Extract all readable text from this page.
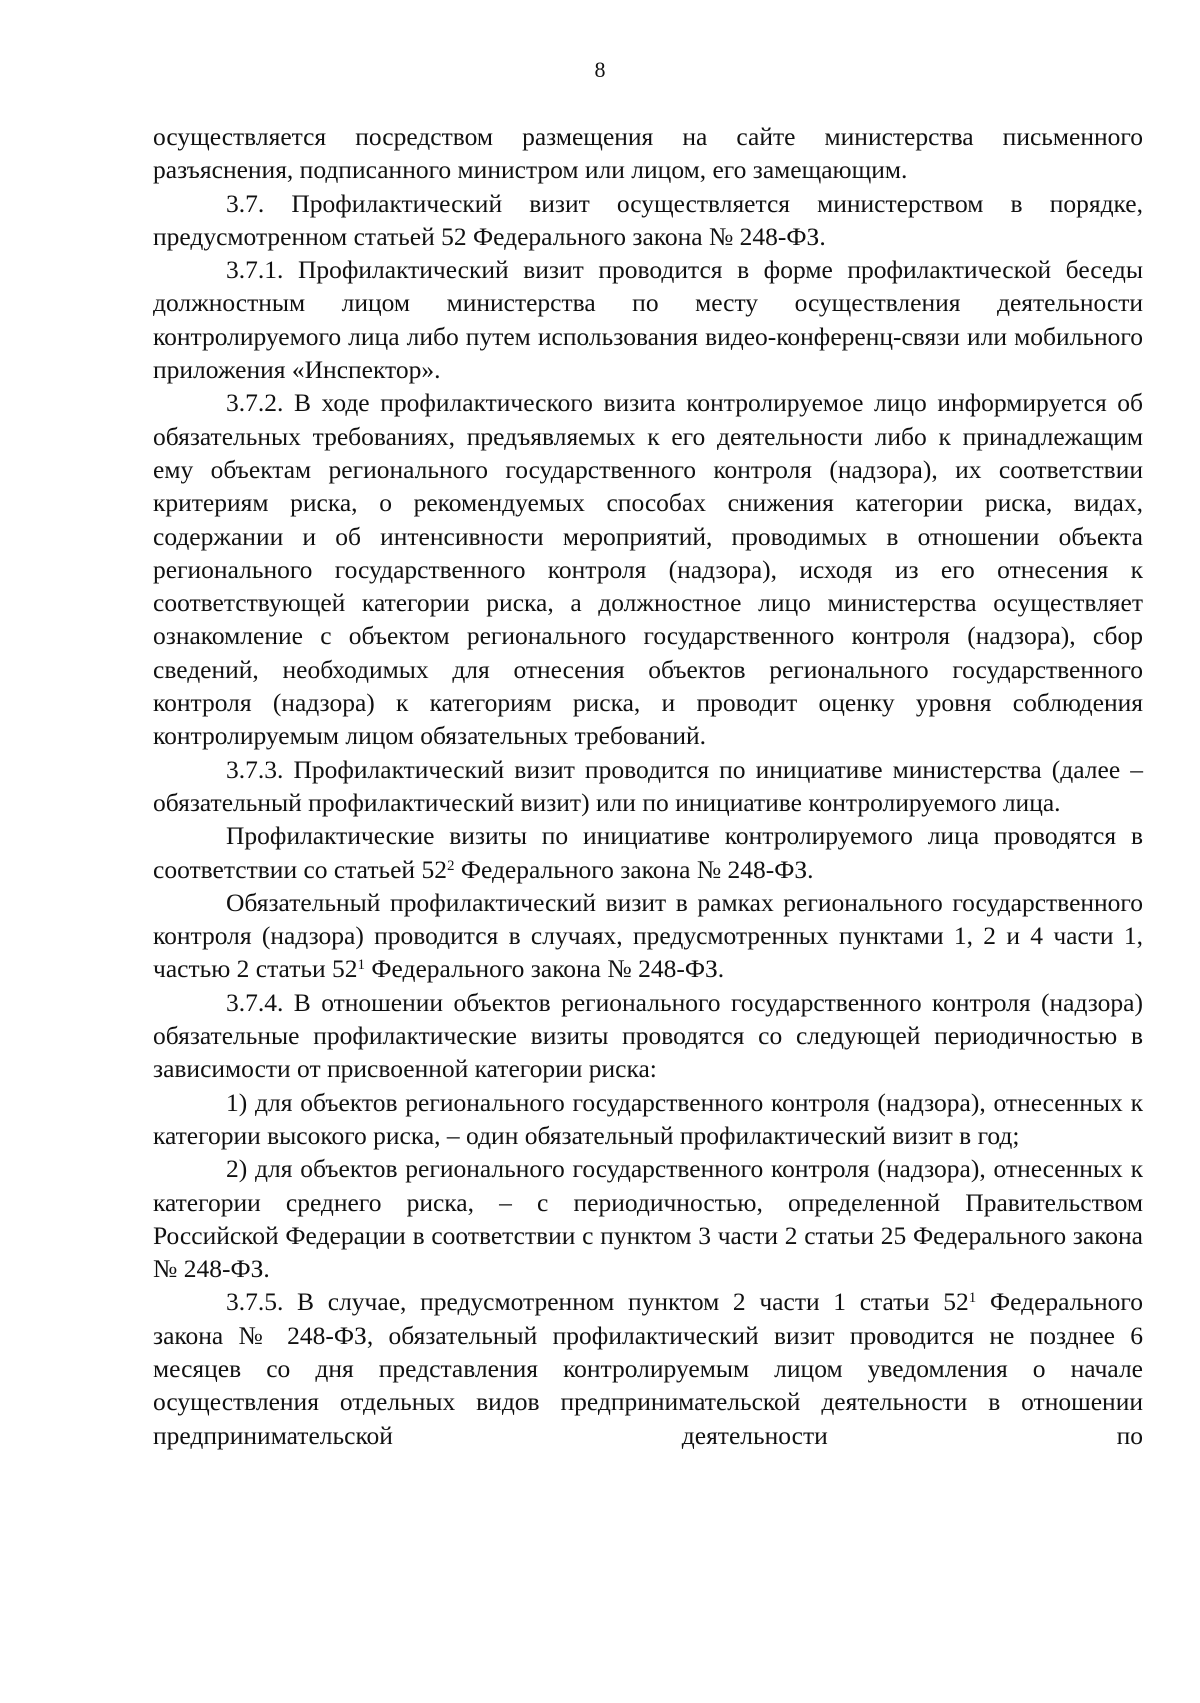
8

осуществляется посредством размещения на сайте министерства письменного разъяснения, подписанного министром или лицом, его замещающим.

3.7. Профилактический визит осуществляется министерством в порядке, предусмотренном статьей 52 Федерального закона № 248-ФЗ.

3.7.1. Профилактический визит проводится в форме профилактической беседы должностным лицом министерства по месту осуществления деятельности контролируемого лица либо путем использования видео-конференц-связи или мобильного приложения «Инспектор».

3.7.2. В ходе профилактического визита контролируемое лицо информируется об обязательных требованиях, предъявляемых к его деятельности либо к принадлежащим ему объектам регионального государственного контроля (надзора), их соответствии критериям риска, о рекомендуемых способах снижения категории риска, видах, содержании и об интенсивности мероприятий, проводимых в отношении объекта регионального государственного контроля (надзора), исходя из его отнесения к соответствующей категории риска, а должностное лицо министерства осуществляет ознакомление с объектом регионального государственного контроля (надзора), сбор сведений, необходимых для отнесения объектов регионального государственного контроля (надзора) к категориям риска, и проводит оценку уровня соблюдения контролируемым лицом обязательных требований.

3.7.3. Профилактический визит проводится по инициативе министерства (далее – обязательный профилактический визит) или по инициативе контролируемого лица.

Профилактические визиты по инициативе контролируемого лица проводятся в соответствии со статьей $52^2$ Федерального закона № 248-ФЗ.

Обязательный профилактический визит в рамках регионального государственного контроля (надзора) проводится в случаях, предусмотренных пунктами 1, 2 и 4 части 1, частью 2 статьи $52^1$ Федерального закона № 248-ФЗ.

3.7.4. В отношении объектов регионального государственного контроля (надзора) обязательные профилактические визиты проводятся со следующей периодичностью в зависимости от присвоенной категории риска:

1) для объектов регионального государственного контроля (надзора), отнесенных к категории высокого риска, – один обязательный профилактический визит в год;

2) для объектов регионального государственного контроля (надзора), отнесенных к категории среднего риска, – с периодичностью, определенной Правительством Российской Федерации в соответствии с пунктом 3 части 2 статьи 25 Федерального закона № 248-ФЗ.

3.7.5. В случае, предусмотренном пунктом 2 части 1 статьи $52^1$ Федерального закона № 248-ФЗ, обязательный профилактический визит проводится не позднее 6 месяцев со дня представления контролируемым лицом уведомления о начале осуществления отдельных видов предпринимательской деятельности в отношении предпринимательской деятельности по
